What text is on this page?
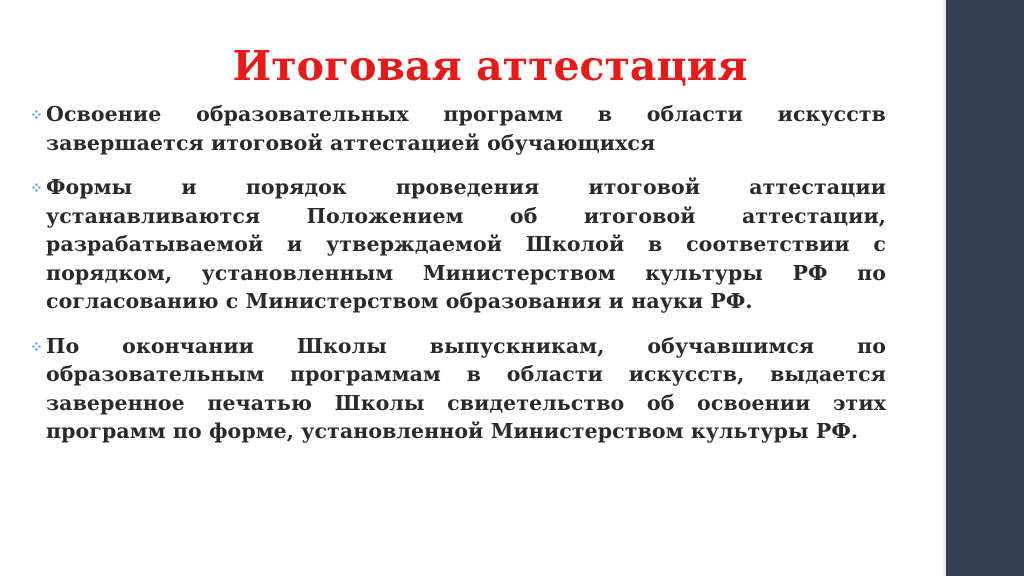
Итоговая аттестация

Освоение образовательных программ в области искусств завершается итоговой аттестацией обучающихся

Формы и порядок проведения итоговой аттестации устанавливаются Положением об итоговой аттестации, разрабатываемой и утверждаемой Школой в соответствии с порядком, установленным Министерством культуры РФ по согласованию с Министерством образования и науки РФ.

По окончании Школы выпускникам, обучавшимся по образовательным программам в области искусств, выдается заверенное печатью Школы свидетельство об освоении этих программ по форме, установленной Министерством культуры РФ.
